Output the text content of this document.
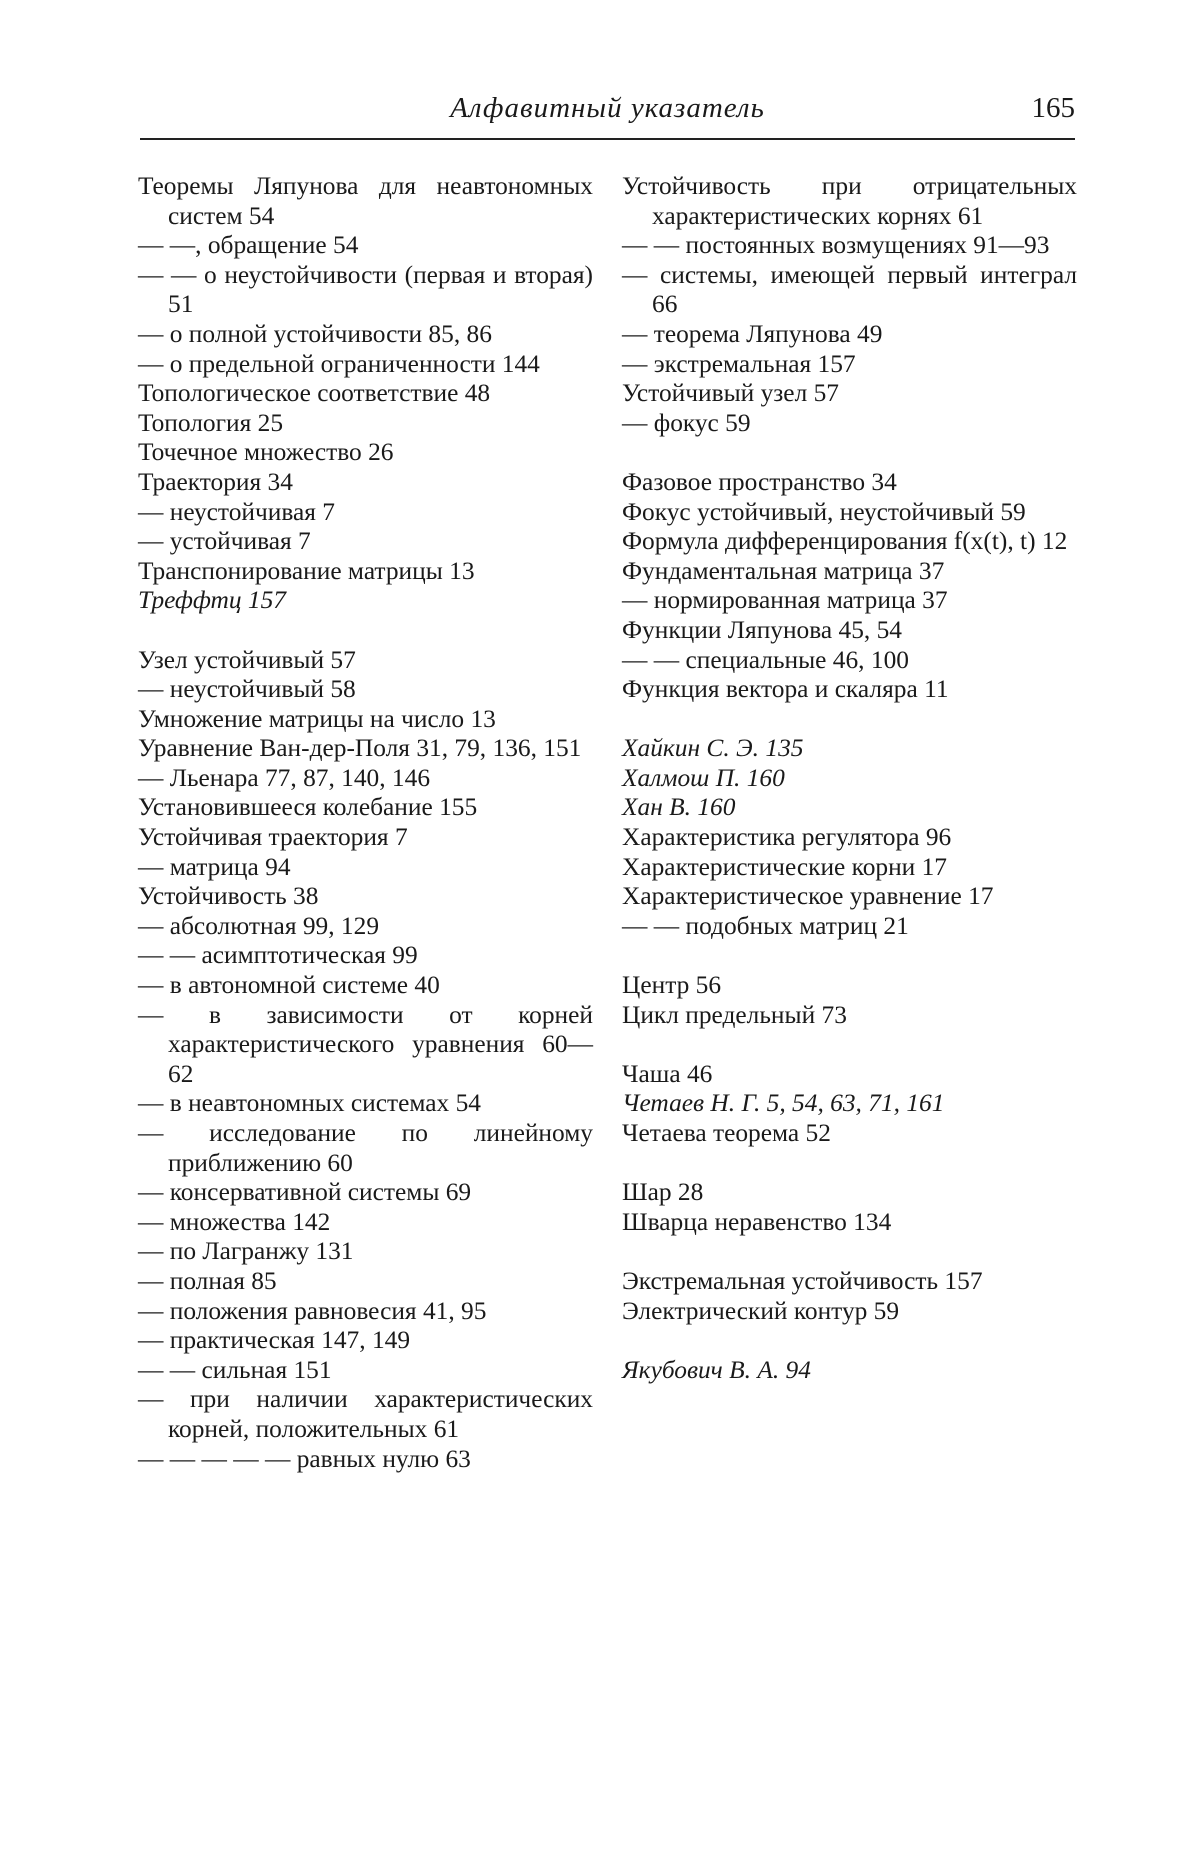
Алфавитный указатель	165
Теоремы Ляпунова для неавтономных систем 54
— —, обращение 54
— — о неустойчивости (первая и вторая) 51
— о полной устойчивости 85, 86
— о предельной ограниченности 144
Топологическое соответствие 48
Топология 25
Точечное множество 26
Траектория 34
— неустойчивая 7
— устойчивая 7
Транспонирование матрицы 13
Треффтц 157
Узел устойчивый 57
— неустойчивый 58
Умножение матрицы на число 13
Уравнение Ван-дер-Поля 31, 79, 136, 151
— Льенара 77, 87, 140, 146
Установившееся колебание 155
Устойчивая траектория 7
— матрица 94
Устойчивость 38
— абсолютная 99, 129
— — асимптотическая 99
— в автономной системе 40
— в зависимости от корней характеристического уравнения 60—62
— в неавтономных системах 54
— исследование по линейному приближению 60
— консервативной системы 69
— множества 142
— по Лагранжу 131
— полная 85
— положения равновесия 41, 95
— практическая 147, 149
— — сильная 151
— при наличии характеристических корней, положительных 61
— — — — — равных нулю 63
Устойчивость при отрицательных характеристических корнях 61
— — постоянных возмущениях 91—93
— системы, имеющей первый интеграл 66
— теорема Ляпунова 49
— экстремальная 157
Устойчивый узел 57
— фокус 59
Фазовое пространство 34
Фокус устойчивый, неустойчивый 59
Формула дифференцирования f(x(t), t) 12
Фундаментальная матрица 37
— нормированная матрица 37
Функции Ляпунова 45, 54
— — специальные 46, 100
Функция вектора и скаляра 11
Хайкин С. Э. 135
Халмош П. 160
Хан В. 160
Характеристика регулятора 96
Характеристические корни 17
Характеристическое уравнение 17
— — подобных матриц 21
Центр 56
Цикл предельный 73
Чаша 46
Четаев Н. Г. 5, 54, 63, 71, 161
Четаева теорема 52
Шар 28
Шварца неравенство 134
Экстремальная устойчивость 157
Электрический контур 59
Якубович В. А. 94
